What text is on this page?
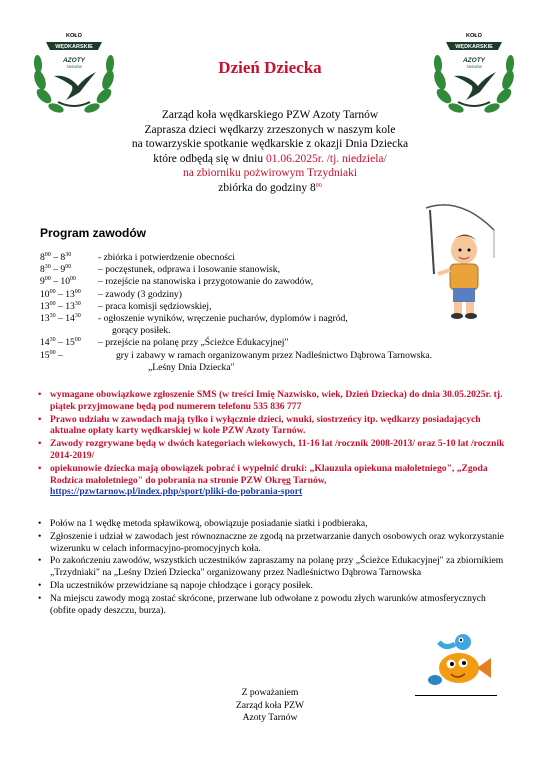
KOŁO
WĘDKARSKIE
AZOTY
TARNÓW
KOŁO
WĘDKARSKIE
AZOTY
TARNÓW
Dzień Dziecka
Zarząd koła wędkarskiego PZW Azoty Tarnów
Zaprasza dzieci wędkarzy zrzeszonych w naszym kole
na towarzyskie spotkanie wędkarskie z okazji Dnia Dziecka
które odbędą się w dniu 01.06.2025r. /tj. niedziela/
na zbiorniku pożwirowym Trzydniaki
zbiórka do godziny $8^{00}$
Program zawodów
$8^{00} - 8^{30}$	- zbiórka i potwierdzenie obecności
$8^{30} - 9^{00}$	– poczęstunek, odprawa i losowanie stanowisk,
$9^{00} - 10^{00}$	– rozejście na stanowiska i przygotowanie do zawodów,
$10^{00} - 13^{00}$	– zawody (3 godziny)
$13^{00} - 13^{30}$	– praca komisji sędziowskiej,
$13^{30} - 14^{30}$	- ogłoszenie wyników, wręczenie pucharów, dyplomów i nagród,
gorący posiłek.
$14^{30} - 15^{00}$	– przejście na polanę przy „Ścieżce Edukacyjnej"
$15^{00}$ –	gry i zabawy w ramach organizowanym przez Nadleśnictwo Dąbrowa Tarnowska.
„Leśny Dnia Dziecka"
• wymagane obowiązkowe zgłoszenie SMS (w treści Imię Nazwisko, wiek, Dzień Dziecka) do dnia 30.05.2025r. tj. piątek przyjmowane będą pod numerem telefonu 535 836 777
• Prawo udziału w zawodach mają tylko i wyłącznie dzieci, wnuki, siostrzeńcy itp. wędkarzy posiadających aktualne opłaty karty wędkarskiej w kole PZW Azoty Tarnów.
• Zawody rozgrywane będą w dwóch kategoriach wiekowych, 11-16 lat /rocznik 2008-2013/ oraz 5-10 lat /rocznik 2014-2019/
• opiekunowie dziecka mają obowiązek pobrać i wypełnić druki: „Klauzula opiekuna małoletniego", „Zgoda Rodzica małoletniego" do pobrania na stronie PZW Okręg Tarnów,
https://pzwtarnow.pl/index.php/sport/pliki-do-pobrania-sport
• Połów na 1 wędkę metoda spławikową, obowiązuje posiadanie siatki i podbieraka,
• Zgłoszenie i udział w zawodach jest równoznaczne ze zgodą na przetwarzanie danych osobowych oraz wykorzystanie wizerunku w celach informacyjno-promocyjnych koła.
• Po zakończeniu zawodów, wszystkich uczestników zapraszamy na polanę przy „Ścieżce Edukacyjnej" za zbiornikiem „Trzydniaki" na „Leśny Dzień Dziecka" organizowany przez Nadleśnictwo Dąbrowa Tarnowska
• Dla uczestników przewidziane są napoje chłodzące i gorący posiłek.
• Na miejscu zawody mogą zostać skrócone, przerwane lub odwołane z powodu złych warunków atmosferycznych (obfite opady deszczu, burza).
Z poważaniem
Zarząd koła PZW
Azoty Tarnów
